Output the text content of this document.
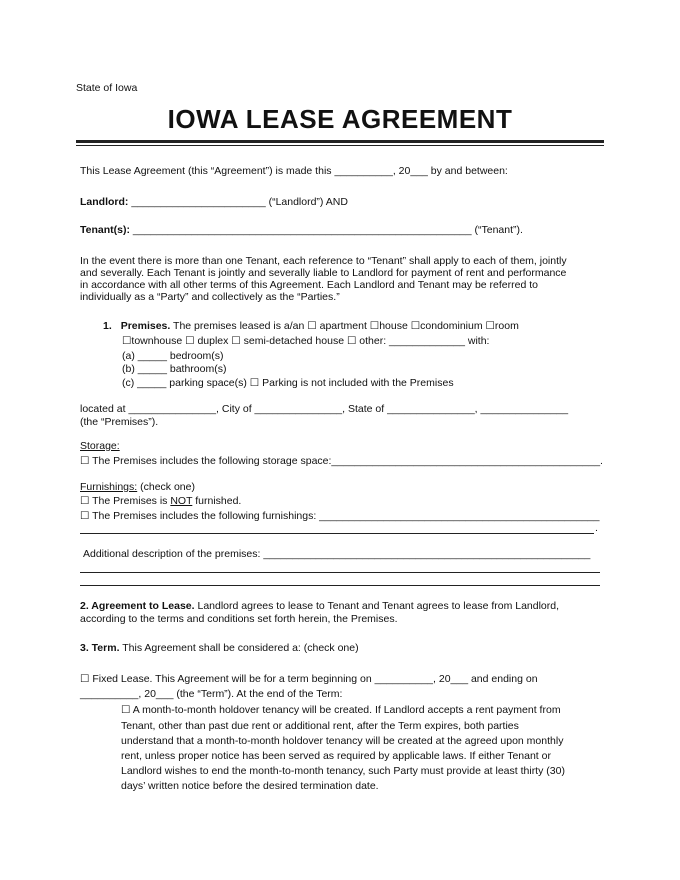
State of Iowa
IOWA LEASE AGREEMENT
This Lease Agreement (this “Agreement”) is made this __________, 20___ by and between:
Landlord: _______________________ (“Landlord”) AND
Tenant(s): __________________________________________________________ (“Tenant”).
In the event there is more than one Tenant, each reference to “Tenant” shall apply to each of them, jointly
and severally. Each Tenant is jointly and severally liable to Landlord for payment of rent and performance
in accordance with all other terms of this Agreement. Each Landlord and Tenant may be referred to
individually as a “Party” and collectively as the “Parties.”
1. Premises. The premises leased is a/an ☐ apartment ☐house ☐condominium ☐room
☐townhouse ☐ duplex ☐ semi-detached house ☐ other: _____________ with:
(a) _____ bedroom(s)
(b) _____ bathroom(s)
(c) _____ parking space(s) ☐ Parking is not included with the Premises
located at _______________, City of _______________, State of _______________, _______________
(the “Premises”).
Storage:
☐ The Premises includes the following storage space:______________________________________________.
Furnishings: (check one)
☐ The Premises is NOT furnished.
☐ The Premises includes the following furnishings: ________________________________________________
.
Additional description of the premises: ________________________________________________________
2. Agreement to Lease. Landlord agrees to lease to Tenant and Tenant agrees to lease from Landlord,
according to the terms and conditions set forth herein, the Premises.
3. Term. This Agreement shall be considered a: (check one)
☐ Fixed Lease. This Agreement will be for a term beginning on __________, 20___ and ending on
__________, 20___ (the “Term”). At the end of the Term:
☐ A month-to-month holdover tenancy will be created. If Landlord accepts a rent payment from
Tenant, other than past due rent or additional rent, after the Term expires, both parties
understand that a month-to-month holdover tenancy will be created at the agreed upon monthly
rent, unless proper notice has been served as required by applicable laws. If either Tenant or
Landlord wishes to end the month-to-month tenancy, such Party must provide at least thirty (30)
days’ written notice before the desired termination date.
